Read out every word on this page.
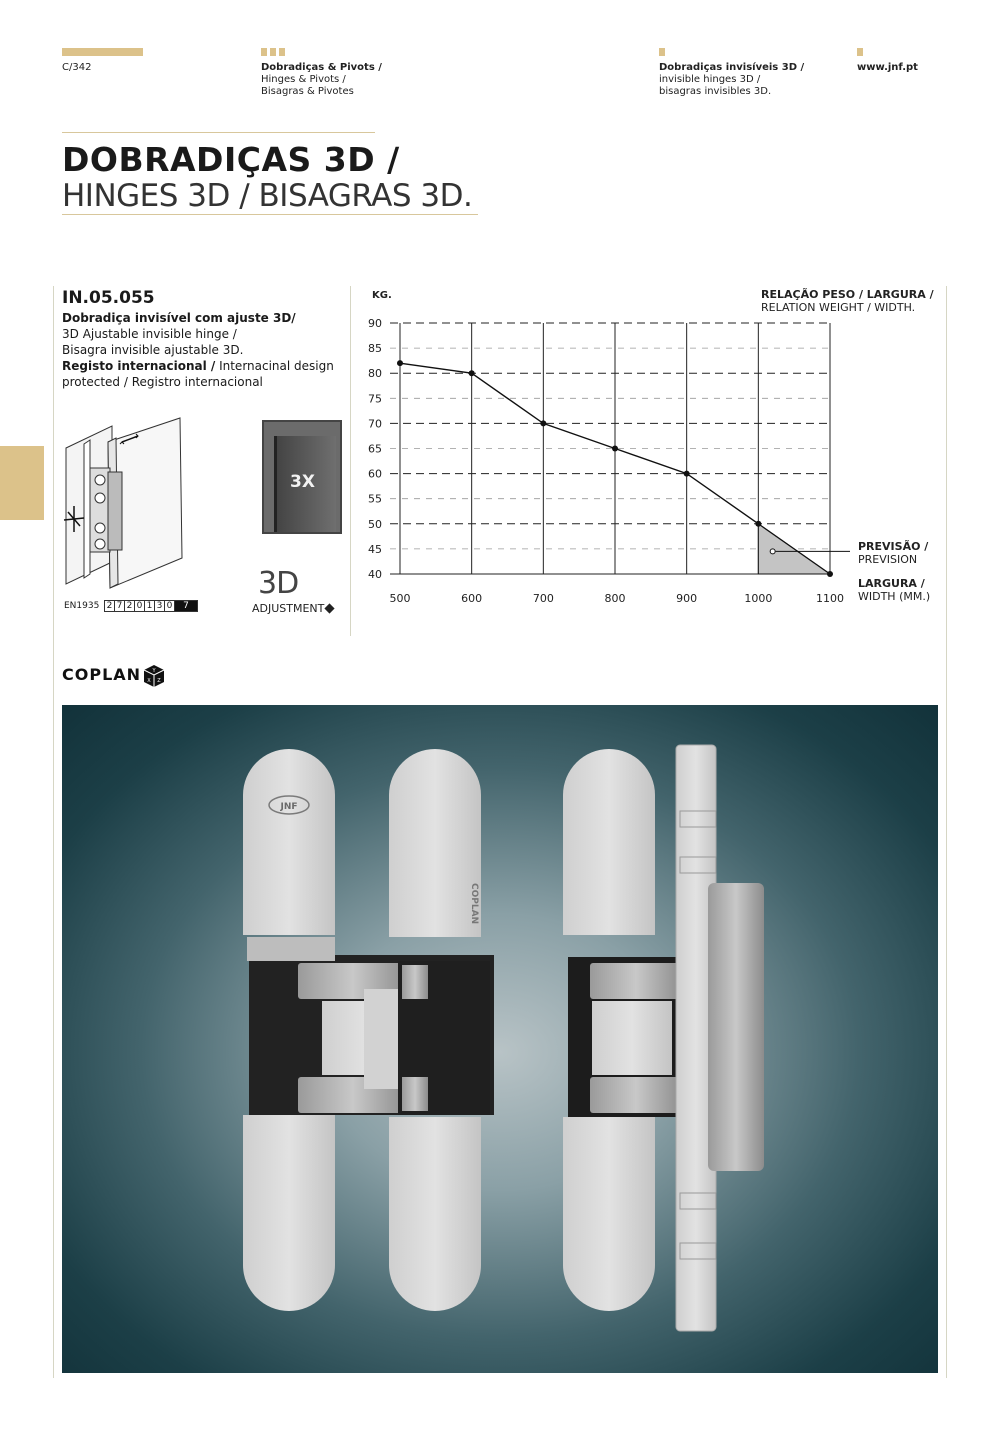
C/342	Dobradiças & Pivots /
Hinges & Pivots /
Bisagras & Pivotes
Dobradiças invisíveis 3D /
invisible hinges 3D /
bisagras invisibles 3D.
www.jnf.pt
DOBRADIÇAS 3D /
HINGES 3D / BISAGRAS 3D.
IN.05.055
Dobradiça invisível com ajuste 3D/
3D Ajustable invisible hinge /
Bisagra invisible ajustable 3D.
Registo internacional / Internacinal design
protected / Registro internacional
3X
3D
ADJUSTMENT
EN1935 2 7 2 0 1 3 0	7
COPLAN Y
X Z
KG.
40
45
50
55
60
65
70
75
80
85
90
500	600	700	800	900	1000	1100
RELAÇÃO PESO / LARGURA /
RELATION WEIGHT / WIDTH.
PREVISÃO /
PREVISION
LARGURA /
WIDTH (MM.)
JNF
COPLAN
